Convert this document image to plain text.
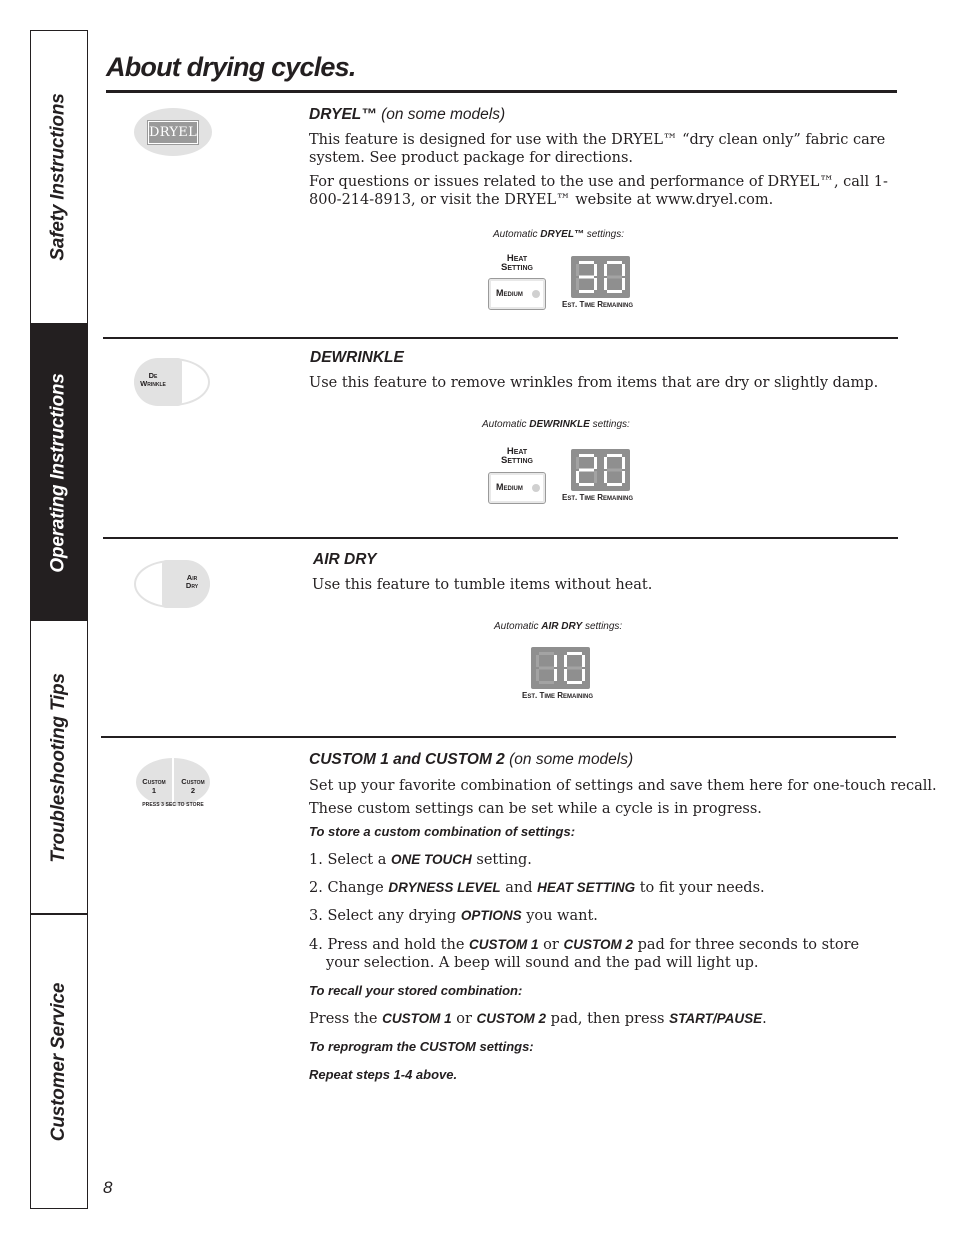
Safety Instructions
Operating Instructions
Troubleshooting Tips
Customer Service
About drying cycles.
DRYEL
DRYEL™ (on some models)

This feature is designed for use with the DRYEL™ “dry clean only” fabric care system. See product package for directions.

For questions or issues related to the use and performance of DRYEL™, call 1-800-214-8913, or visit the DRYEL™ website at www.dryel.com.

Automatic DRYEL™ settings:
Heat
Setting
Medium
Est. Time Remaining
De
Wrinkle
DEWRINKLE

Use this feature to remove wrinkles from items that are dry or slightly damp.

Automatic DEWRINKLE settings:
Heat
Setting
Medium
Est. Time Remaining
Air
Dry
AIR DRY

Use this feature to tumble items without heat.

Automatic AIR DRY settings:
Est. Time Remaining
Custom
1
Custom
2
PRESS 3 SEC TO STORE
CUSTOM 1 and CUSTOM 2 (on some models)

Set up your favorite combination of settings and save them here for one-touch recall.

These custom settings can be set while a cycle is in progress.

To store a custom combination of settings:
1. Select a ONE TOUCH setting.
2. Change DRYNESS LEVEL and HEAT SETTING to fit your needs.
3. Select any drying OPTIONS you want.
4. Press and hold the CUSTOM 1 or CUSTOM 2 pad for three seconds to store
your selection. A beep will sound and the pad will light up.
To recall your stored combination:
Press the CUSTOM 1 or CUSTOM 2 pad, then press START/PAUSE.
To reprogram the CUSTOM settings:
Repeat steps 1-4 above.
8
